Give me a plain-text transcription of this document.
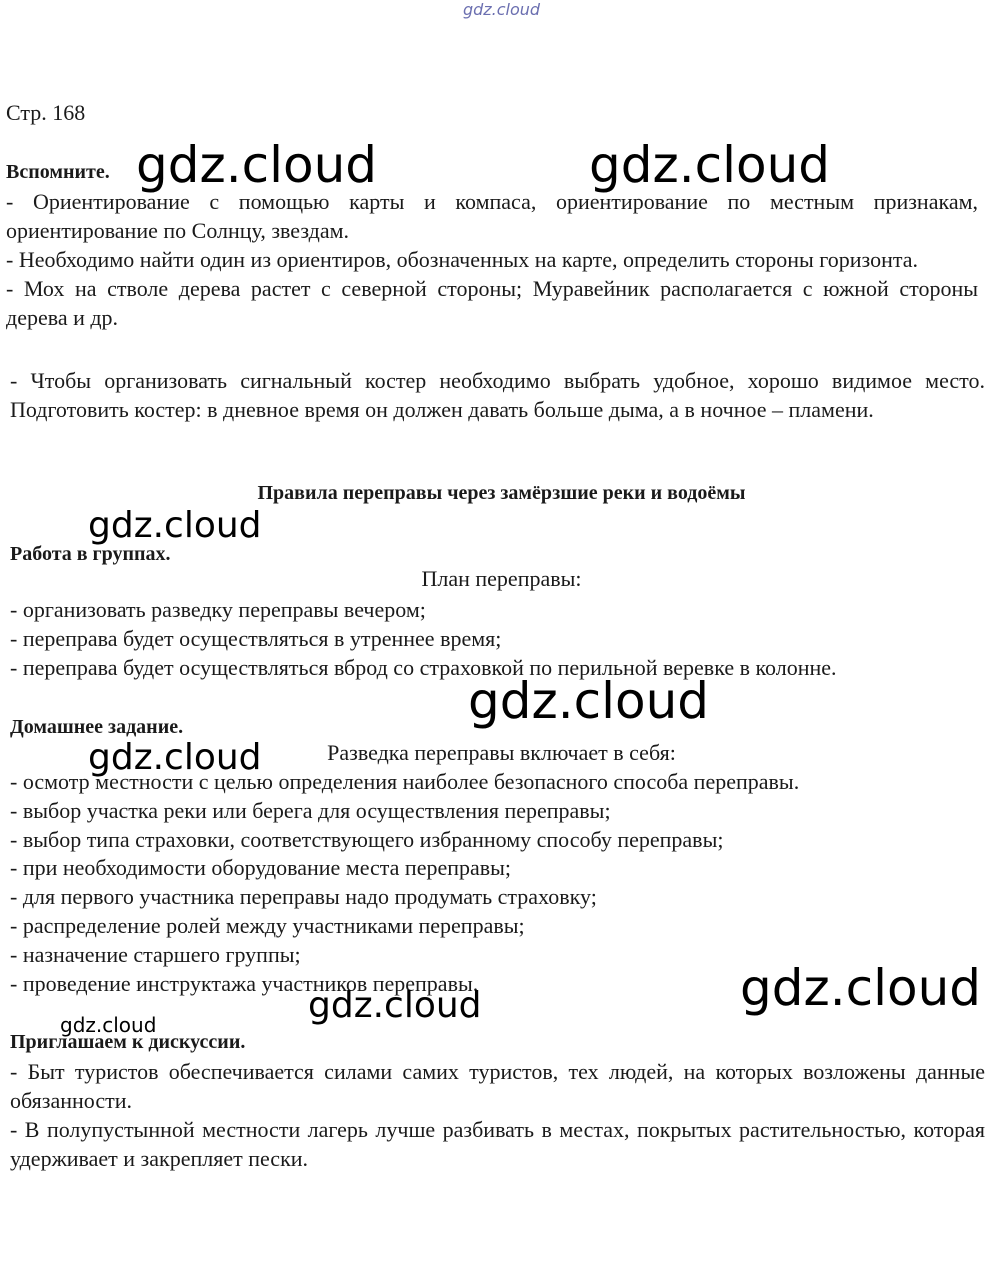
gdz.cloud
Стр. 168

Вспомните.

- Ориентирование с помощью карты и компаса, ориентирование по местным признакам, ориентирование по Солнцу, звездам.

- Необходимо найти один из ориентиров, обозначенных на карте, определить стороны горизонта.

- Мох на стволе дерева растет с северной стороны; Муравейник располагается с южной стороны дерева и др.

- Чтобы организовать сигнальный костер необходимо выбрать удобное, хорошо видимое место. Подготовить костер: в дневное время он должен давать больше дыма, а в ночное – пламени.

Правила переправы через замёрзшие реки и водоёмы
Работа в группах.
План переправы:
- организовать разведку переправы вечером;
- переправа будет осуществляться в утреннее время;
- переправа будет осуществляться вброд со страховкой по перильной веревке в колонне.
Домашнее задание.
Разведка переправы включает в себя:
- осмотр местности с целью определения наиболее безопасного способа переправы.
- выбор участка реки или берега для осуществления переправы;
- выбор типа страховки, соответствующего избранному способу переправы;
- при необходимости оборудование места переправы;
- для первого участника переправы надо продумать страховку;
- распределение ролей между участниками переправы;
- назначение старшего группы;
- проведение инструктажа участников переправы.

Приглашаем к дискуссии.

- Быт туристов обеспечивается силами самих туристов, тех людей, на которых возложены данные обязанности.

- В полупустынной местности лагерь лучше разбивать в местах, покрытых растительностью, которая удерживает и закрепляет пески.

gdz.cloud	gdz.cloud
gdz.cloud
gdz.cloud
gdz.cloud
gdz.cloud
gdz.cloud
gdz.cloud
